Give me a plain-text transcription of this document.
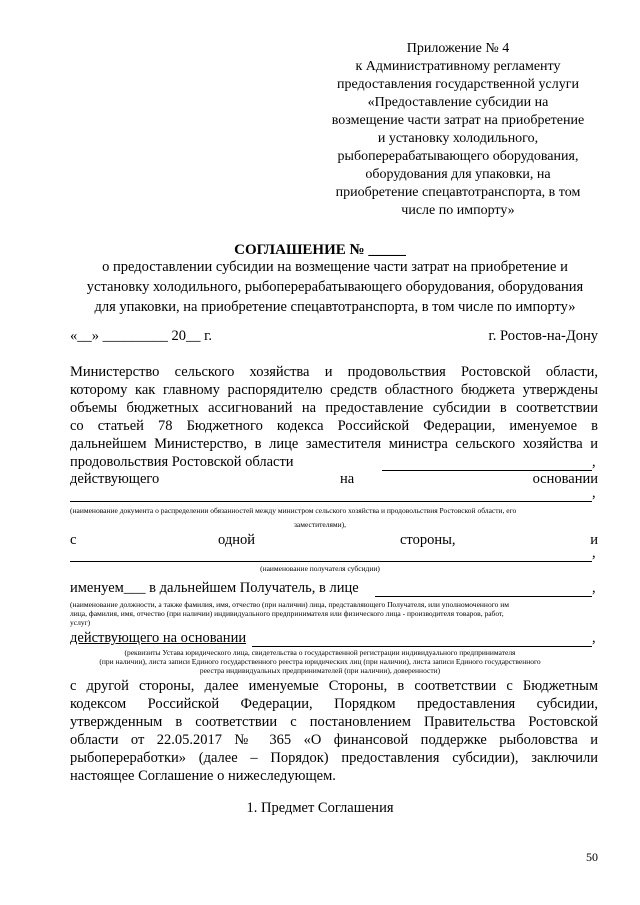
Приложение № 4
к Административному регламенту
предоставления государственной услуги
«Предоставление субсидии на
возмещение части затрат на приобретение
и установку холодильного,
рыбоперерабатывающего оборудования,
оборудования для упаковки, на
приобретение спецавтотранспорта, в том
числе по импорту»
СОГЛАШЕНИЕ № _____
о предоставлении субсидии на возмещение части затрат на приобретение и
установку холодильного, рыбоперерабатывающего оборудования, оборудования
для упаковки, на приобретение спецавтотранспорта, в том числе по импорту»
«__» _________ 20__ г.	г. Ростов-на-Дону
Министерство сельского хозяйства и продовольствия Ростовской области,
которому как главному распорядителю средств областного бюджета утверждены
объемы бюджетных ассигнований на предоставление субсидии в соответствии
со статьей 78 Бюджетного кодекса Российской Федерации, именуемое в
дальнейшем Министерство, в лице заместителя министра сельского хозяйства и
продовольствия Ростовской области	,
действующего	на	основании
,
(наименование документа о распределении обязанностей между министром сельского хозяйства и продовольствия Ростовской области, его
заместителями),
с	одной	стороны,	и
,
(наименование получателя субсидии)
именуем___ в дальнейшем Получатель, в лице	,
(наименование должности, а также фамилия, имя, отчество (при наличии) лица, представляющего Получателя, или уполномоченного им
лица, фамилия, имя, отчество (при наличии) индивидуального предпринимателя или физического лица - производителя товаров, работ,
услуг)
действующего на основании	,
(реквизиты Устава юридического лица, свидетельства о государственной регистрации индивидуального предпринимателя
(при наличии), листа записи Единого государственного реестра юридических лиц (при наличии), листа записи Единого государственного
реестра индивидуальных предпринимателей (при наличии), доверенности)
с другой стороны, далее именуемые Стороны, в соответствии с Бюджетным
кодексом Российской Федерации, Порядком предоставления субсидии,
утвержденным в соответствии с постановлением Правительства Ростовской
области от 22.05.2017 № 365 «О финансовой поддержке рыболовства и
рыбопереработки» (далее – Порядок) предоставления субсидии), заключили
настоящее Соглашение о нижеследующем.
1. Предмет Соглашения
50
